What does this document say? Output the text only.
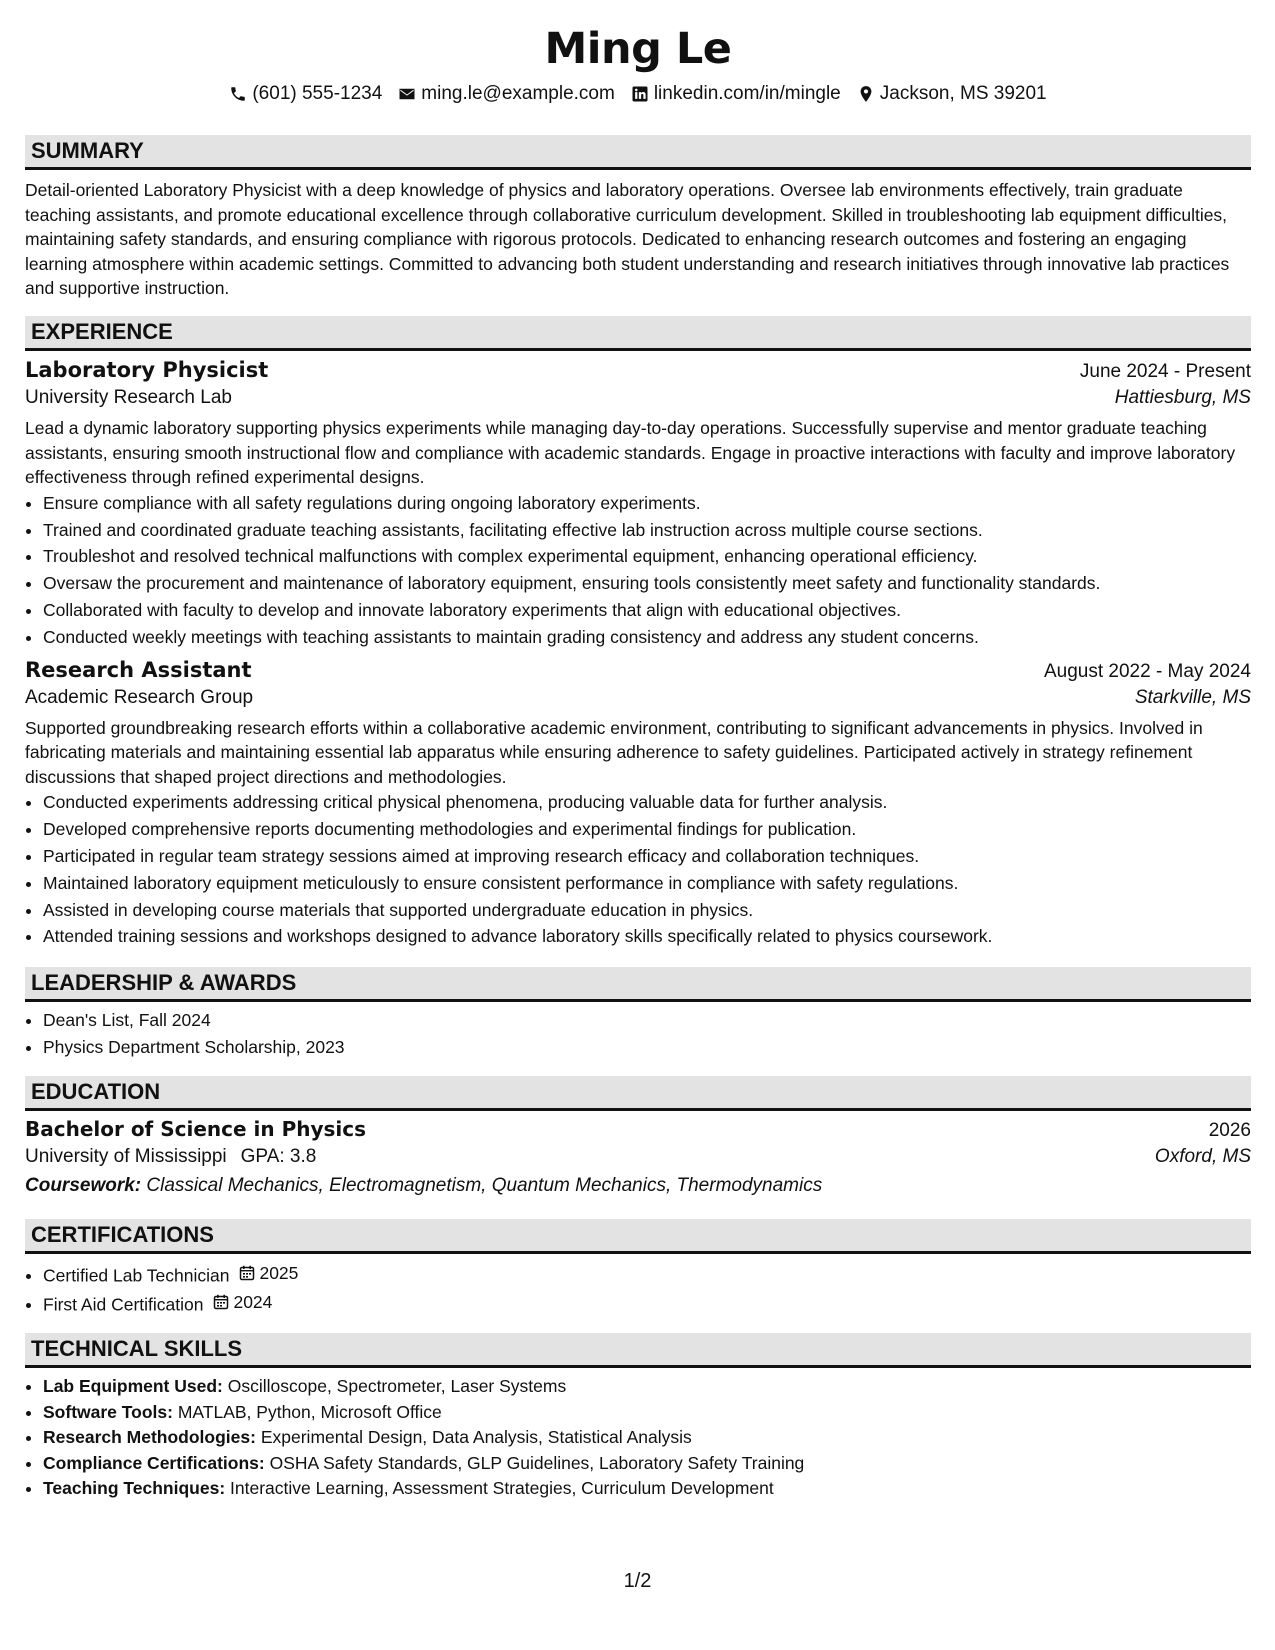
Ming Le
(601) 555-1234 ming.le@example.com linkedin.com/in/mingle Jackson, MS 39201
SUMMARY

Detail-oriented Laboratory Physicist with a deep knowledge of physics and laboratory operations. Oversee lab environments effectively, train graduate teaching assistants, and promote educational excellence through collaborative curriculum development. Skilled in troubleshooting lab equipment difficulties, maintaining safety standards, and ensuring compliance with rigorous protocols. Dedicated to enhancing research outcomes and fostering an engaging learning atmosphere within academic settings. Committed to advancing both student understanding and research initiatives through innovative lab practices and supportive instruction.

EXPERIENCE
Laboratory Physicist	June 2024 - Present
University Research Lab	Hattiesburg, MS

Lead a dynamic laboratory supporting physics experiments while managing day-to-day operations. Successfully supervise and mentor graduate teaching assistants, ensuring smooth instructional flow and compliance with academic standards. Engage in proactive interactions with faculty and improve laboratory effectiveness through refined experimental designs.

• Ensure compliance with all safety regulations during ongoing laboratory experiments.
• Trained and coordinated graduate teaching assistants, facilitating effective lab instruction across multiple course sections.
• Troubleshot and resolved technical malfunctions with complex experimental equipment, enhancing operational efficiency.
• Oversaw the procurement and maintenance of laboratory equipment, ensuring tools consistently meet safety and functionality standards.
• Collaborated with faculty to develop and innovate laboratory experiments that align with educational objectives.
• Conducted weekly meetings with teaching assistants to maintain grading consistency and address any student concerns.
Research Assistant	August 2022 - May 2024
Academic Research Group	Starkville, MS

Supported groundbreaking research efforts within a collaborative academic environment, contributing to significant advancements in physics. Involved in fabricating materials and maintaining essential lab apparatus while ensuring adherence to safety guidelines. Participated actively in strategy refinement discussions that shaped project directions and methodologies.

• Conducted experiments addressing critical physical phenomena, producing valuable data for further analysis.
• Developed comprehensive reports documenting methodologies and experimental findings for publication.
• Participated in regular team strategy sessions aimed at improving research efficacy and collaboration techniques.
• Maintained laboratory equipment meticulously to ensure consistent performance in compliance with safety regulations.
• Assisted in developing course materials that supported undergraduate education in physics.
• Attended training sessions and workshops designed to advance laboratory skills specifically related to physics coursework.
LEADERSHIP & AWARDS
• Dean's List, Fall 2024
• Physics Department Scholarship, 2023
EDUCATION
Bachelor of Science in Physics	2026
University of Mississippi GPA: 3.8	Oxford, MS
Coursework: Classical Mechanics, Electromagnetism, Quantum Mechanics, Thermodynamics
CERTIFICATIONS
• Certified Lab Technician 2025
• First Aid Certification 2024
TECHNICAL SKILLS
• Lab Equipment Used: Oscilloscope, Spectrometer, Laser Systems
• Software Tools: MATLAB, Python, Microsoft Office
• Research Methodologies: Experimental Design, Data Analysis, Statistical Analysis
• Compliance Certifications: OSHA Safety Standards, GLP Guidelines, Laboratory Safety Training
• Teaching Techniques: Interactive Learning, Assessment Strategies, Curriculum Development
1/2
